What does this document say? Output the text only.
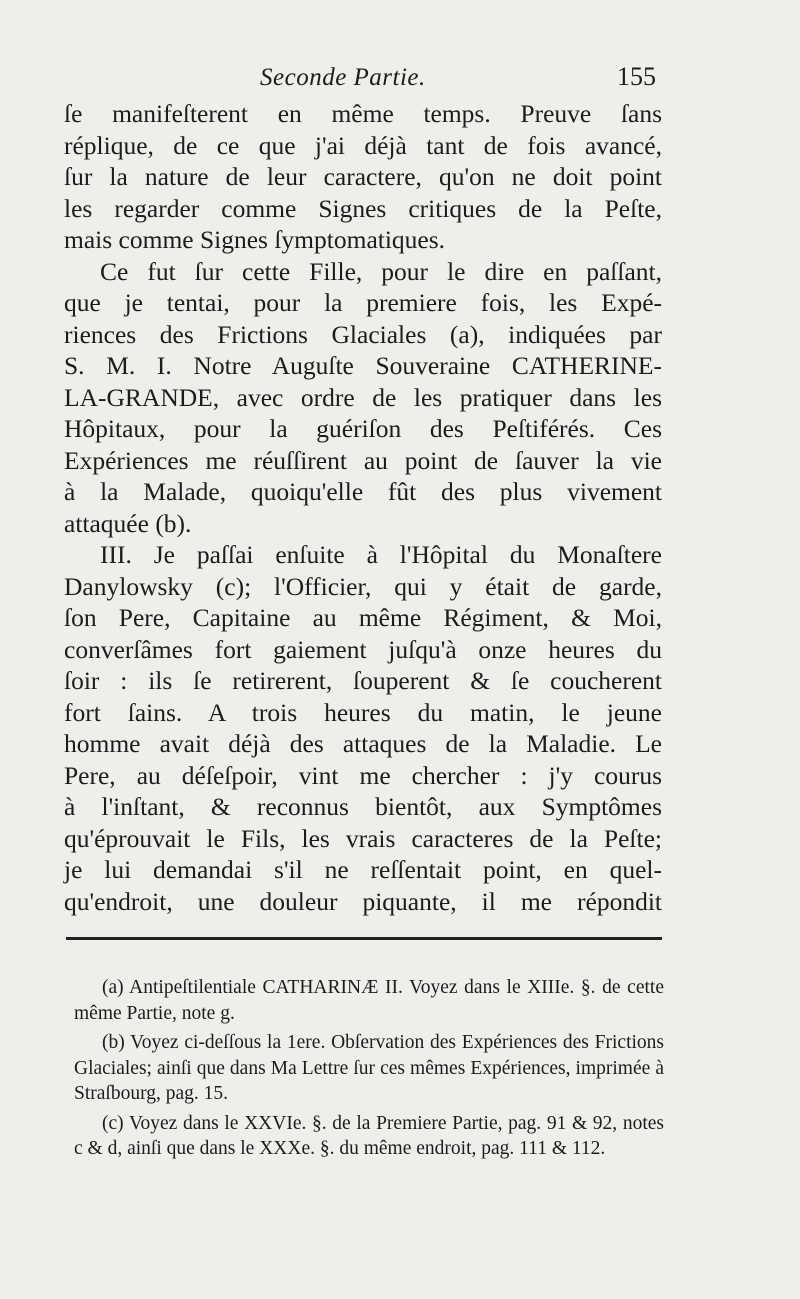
Seconde Partie.	155

ſe manifeſterent en même temps. Preuve ſans

réplique, de ce que j'ai déjà tant de fois avancé,

ſur la nature de leur caractere, qu'on ne doit point

les regarder comme Signes critiques de la Peſte,

mais comme Signes ſymptomatiques.

Ce fut ſur cette Fille, pour le dire en paſſant,

que je tentai, pour la premiere fois, les Expé-

riences des Frictions Glaciales (a), indiquées par

S. M. I. Notre Auguſte Souveraine CATHERINE-

LA-GRANDE, avec ordre de les pratiquer dans les

Hôpitaux, pour la guériſon des Peſtiférés. Ces

Expériences me réuſſirent au point de ſauver la vie

à la Malade, quoiqu'elle fût des plus vivement

attaquée (b).

III. Je paſſai enſuite à l'Hôpital du Monaſtere

Danylowsky (c); l'Officier, qui y était de garde,

ſon Pere, Capitaine au même Régiment, & Moi,

converſâmes fort gaiement juſqu'à onze heures du

ſoir : ils ſe retirerent, ſouperent & ſe coucherent

fort ſains. A trois heures du matin, le jeune

homme avait déjà des attaques de la Maladie. Le

Pere, au déſeſpoir, vint me chercher : j'y courus

à l'inſtant, & reconnus bientôt, aux Symptômes

qu'éprouvait le Fils, les vrais caracteres de la Peſte;

je lui demandai s'il ne reſſentait point, en quel-

qu'endroit, une douleur piquante, il me répondit

(a) Antipeſtilentiale CATHARINÆ II. Voyez dans le XIIIe. §. de cette même Partie, note g.

(b) Voyez ci-deſſous la 1ere. Obſervation des Expériences des Frictions Glaciales; ainſi que dans Ma Lettre ſur ces mêmes Expériences, imprimée à Straſbourg, pag. 15.

(c) Voyez dans le XXVIe. §. de la Premiere Partie, pag. 91 & 92, notes c & d, ainſi que dans le XXXe. §. du même endroit, pag. 111 & 112.
